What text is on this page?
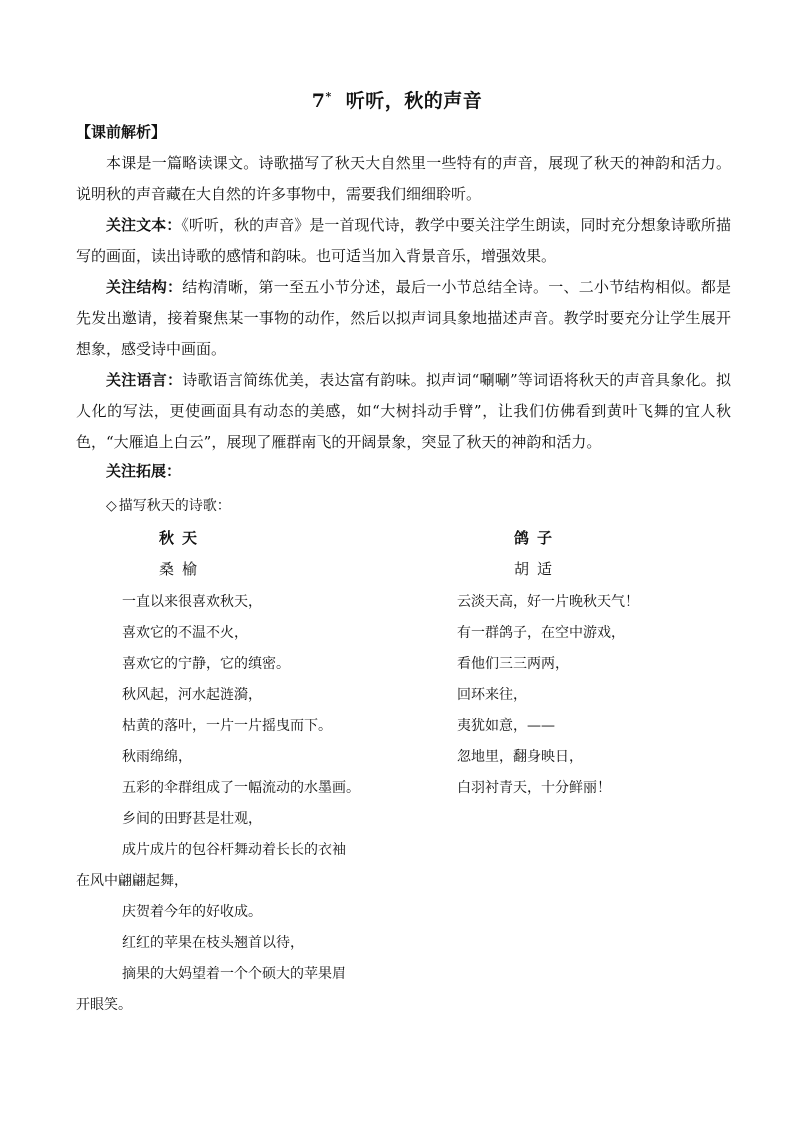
7* 听听，秋的声音
【课前解析】
本课是一篇略读课文。诗歌描写了秋天大自然里一些特有的声音，展现了秋天的神韵和活力。说明秋的声音藏在大自然的许多事物中，需要我们细细聆听。
关注文本：《听听，秋的声音》是一首现代诗，教学中要关注学生朗读，同时充分想象诗歌所描写的画面，读出诗歌的感情和韵味。也可适当加入背景音乐，增强效果。
关注结构：结构清晰，第一至五小节分述，最后一小节总结全诗。一、二小节结构相似。都是先发出邀请，接着聚焦某一事物的动作，然后以拟声词具象地描述声音。教学时要充分让学生展开想象，感受诗中画面。
关注语言：诗歌语言简练优美，表达富有韵味。拟声词“唰唰”等词语将秋天的声音具象化。拟人化的写法，更使画面具有动态的美感，如“大树抖动手臂”，让我们仿佛看到黄叶飞舞的宜人秋色，“大雁追上白云”，展现了雁群南飞的开阔景象，突显了秋天的神韵和活力。
关注拓展：
◇ 描写秋天的诗歌：
秋天
桑榆
一直以来很喜欢秋天，
喜欢它的不温不火，
喜欢它的宁静，它的缜密。
秋风起，河水起涟漪，
枯黄的落叶，一片一片摇曳而下。
秋雨绵绵，
五彩的伞群组成了一幅流动的水墨画。
乡间的田野甚是壮观，
成片成片的包谷杆舞动着长长的衣袖
在风中翩翩起舞，
庆贺着今年的好收成。
红红的苹果在枝头翘首以待，
摘果的大妈望着一个个硕大的苹果眉
开眼笑。
鸽子
胡适
云淡天高，好一片晚秋天气！
有一群鸽子，在空中游戏，
看他们三三两两，
回环来往，
夷犹如意，——
忽地里，翻身映日，
白羽衬青天，十分鲜丽！
